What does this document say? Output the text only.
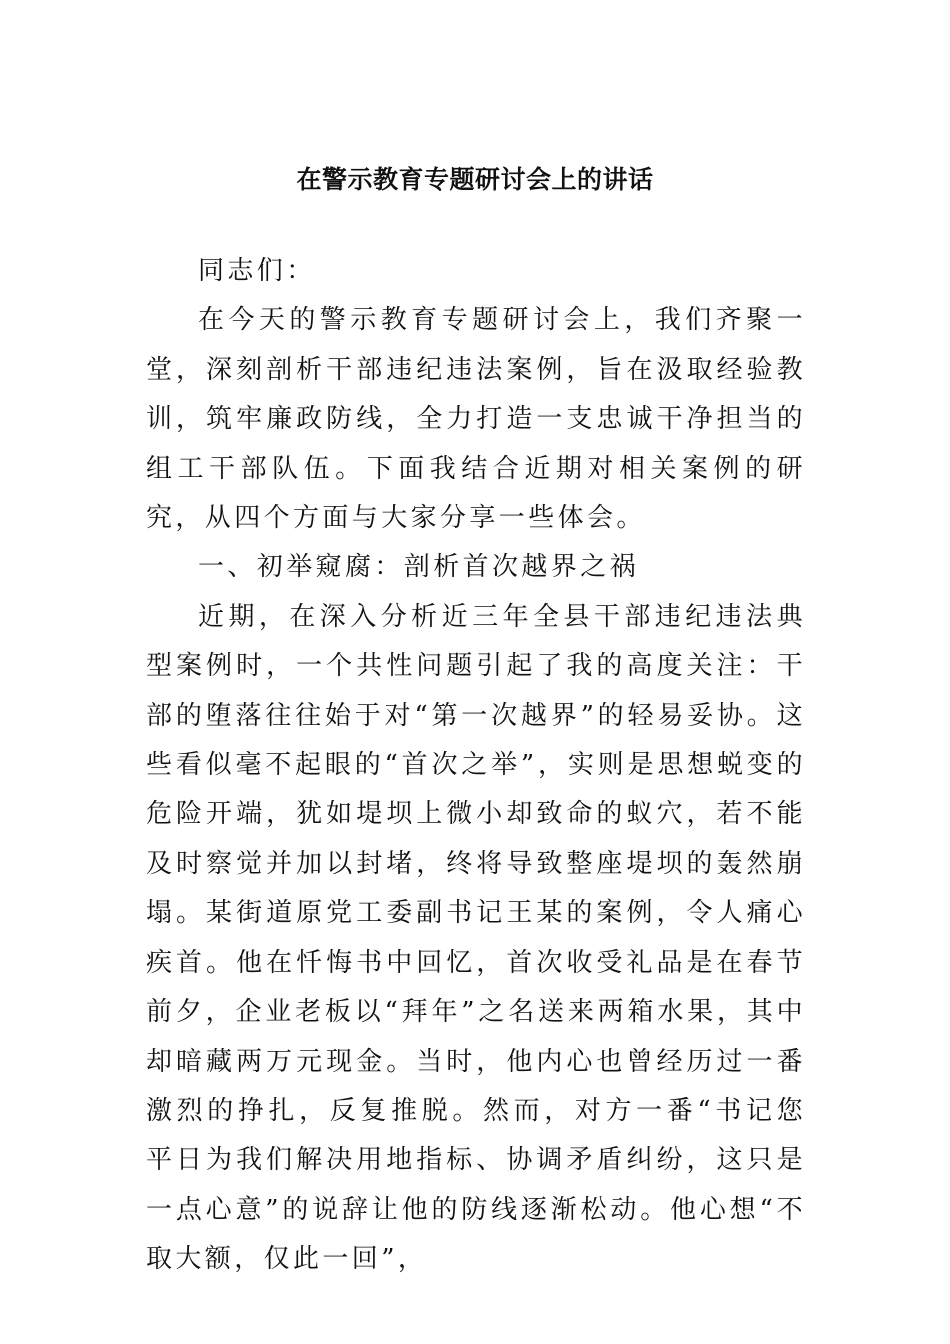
在警示教育专题研讨会上的讲话

同志们：

在今天的警示教育专题研讨会上，我们齐聚一堂，深刻剖析干部违纪违法案例，旨在汲取经验教训，筑牢廉政防线，全力打造一支忠诚干净担当的组工干部队伍。下面我结合近期对相关案例的研究，从四个方面与大家分享一些体会。

一、初举窥腐：剖析首次越界之祸

近期，在深入分析近三年全县干部违纪违法典型案例时，一个共性问题引起了我的高度关注：干部的堕落往往始于对“第一次越界”的轻易妥协。这些看似毫不起眼的“首次之举”，实则是思想蜕变的危险开端，犹如堤坝上微小却致命的蚁穴，若不能及时察觉并加以封堵，终将导致整座堤坝的轰然崩塌。某街道原党工委副书记王某的案例，令人痛心疾首。他在忏悔书中回忆，首次收受礼品是在春节前夕，企业老板以“拜年”之名送来两箱水果，其中却暗藏两万元现金。当时，他内心也曾经历过一番激烈的挣扎，反复推脱。然而，对方一番“书记您平日为我们解决用地指标、协调矛盾纠纷，这只是一点心意”的说辞让他的防线逐渐松动。他心想“不取大额，仅此一回”，
